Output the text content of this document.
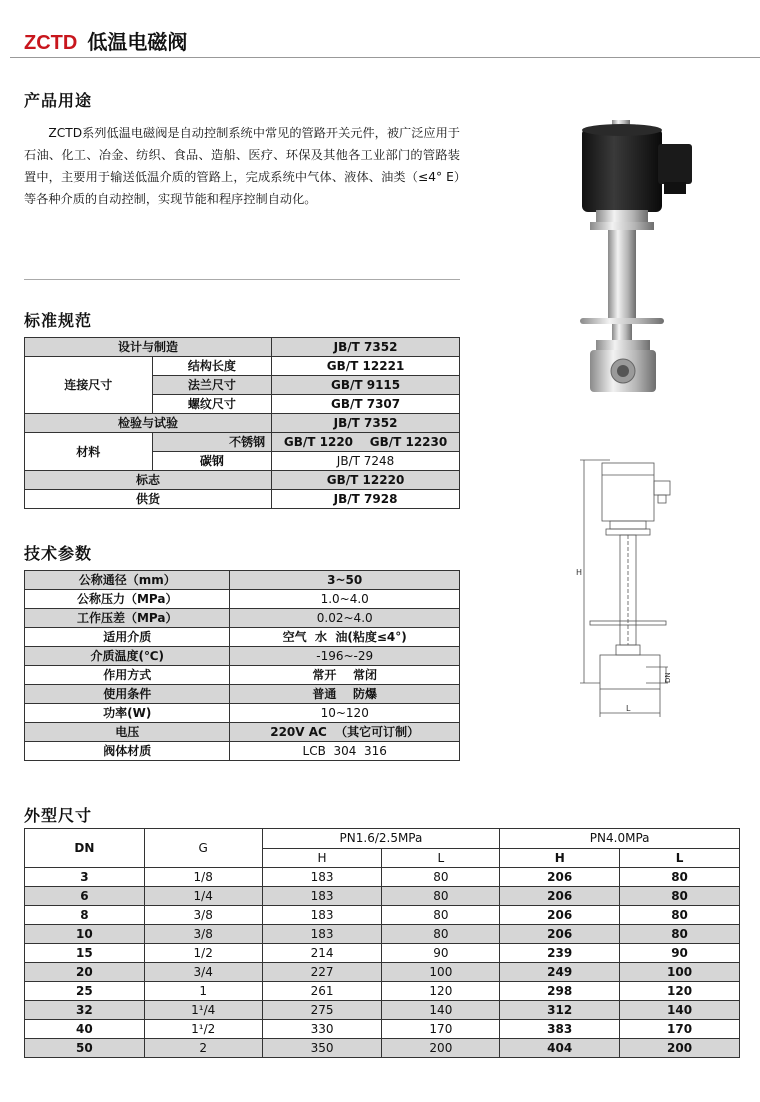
ZCTD 低温电磁阀
产品用途
ZCTD系列低温电磁阀是自动控制系统中常见的管路开关元件，被广泛应用于石油、化工、冶金、纺织、食品、造船、医疗、环保及其他各工业部门的管路装置中，主要用于输送低温介质的管路上，完成系统中气体、液体、油类（≤4° E）等各种介质的自动控制，实现节能和程序控制自动化。
标准规范
设计与制造		JB/T 7352
连接尺寸	结构长度	GB/T 12221
	法兰尺寸	GB/T 9115
	螺纹尺寸	GB/T 7307
检验与试验		JB/T 7352
材料	不锈钢	GB/T 1220    GB/T 12230
	碳钢	JB/T 7248
标志		GB/T 12220
供货		JB/T 7928
技术参数
公称通径（mm）	3~50
公称压力（MPa）	1.0~4.0
工作压差（MPa）	0.02~4.0
适用介质	空气  水  油(粘度≤4°)
介质温度(℃)	-196~-29
作用方式	常开    常闭
使用条件	普通    防爆
功率(W)	10~120
电压	220V AC  （其它可订制）
阀体材质	LCB  304  316
外型尺寸
DN	G	PN1.6/2.5MPa		PN4.0MPa	
		H	L	H	L
3	1/8	183	80	206	80
6	1/4	183	80	206	80
8	3/8	183	80	206	80
10	3/8	183	80	206	80
15	1/2	214	90	239	90
20	3/4	227	100	249	100
25	1	261	120	298	120
32	1¹/4	275	140	312	140
40	1¹/2	330	170	383	170
50	2	350	200	404	200
H
L
DN
